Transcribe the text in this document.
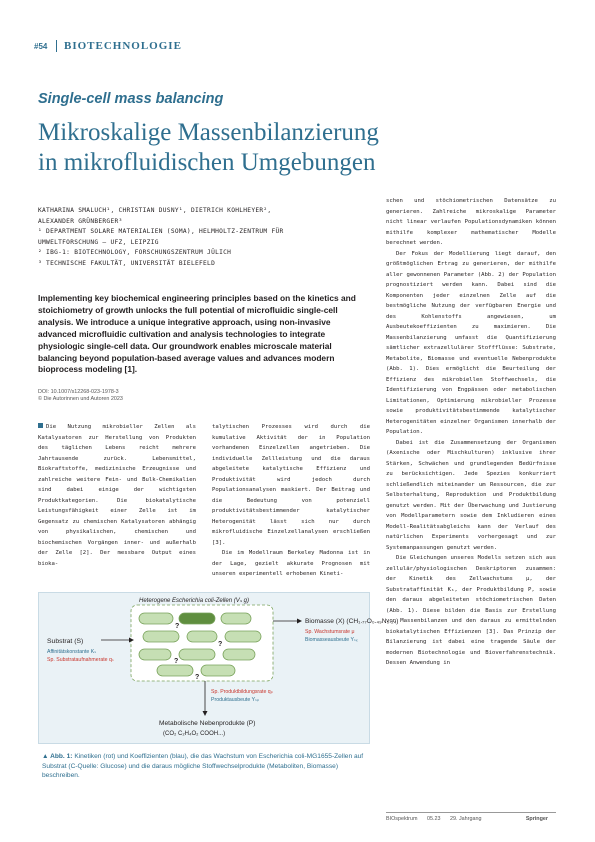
#54 BIOTECHNOLOGIE
Single-cell mass balancing
Mikroskalige Massenbilanzierung
in mikrofluidischen Umgebungen
KATHARINA SMALUCH¹, CHRISTIAN DUSNY¹, DIETRICH KOHLHEYER²,
ALEXANDER GRÜNBERGER³
¹ DEPARTMENT SOLARE MATERIALIEN (SOMA), HELMHOLTZ-ZENTRUM FÜR
UMWELTFORSCHUNG – UFZ, LEIPZIG
² IBG-1: BIOTECHNOLOGY, FORSCHUNGSZENTRUM JÜLICH
³ TECHNISCHE FAKULTÄT, UNIVERSITÄT BIELEFELD
Implementing key biochemical engineering principles based on the kinetics and stoichiometry of growth unlocks the full potential of microfluidic single-cell analysis. We introduce a unique integrative approach, using non-invasive advanced microfluidic cultivation and analysis technologies to integrate physiologic single-cell data. Our groundwork enables microscale material balancing beyond population-based average values and advances modern bioprocess modeling [1].
DOI: 10.1007/s12268-023-1978-3
© Die Autorinnen und Autoren 2023

Die Nutzung mikrobieller Zellen als Katalysatoren zur Herstellung von Produkten des täglichen Lebens reicht mehrere Jahrtausende zurück. Lebensmittel, Biokraftstoffe, medizinische Erzeugnisse und zahlreiche weitere Fein- und Bulk-Chemikalien sind dabei einige der wichtigsten Produktkategorien. Die biokatalytische Leistungsfähigkeit einer Zelle ist im Gegensatz zu chemischen Katalysatoren abhängig von physikalischen, chemischen und biochemischen Vorgängen inner- und außerhalb der Zelle [2]. Der messbare Output eines bioka-

talytischen Prozesses wird durch die kumulative Aktivität der in Population vorhandenen Einzelzellen angetrieben. Die individuelle Zellleistung und die daraus abgeleitete katalytische Effizienz und Produktivität wird jedoch durch Populationsanalysen maskiert. Der Beitrag und die Bedeutung von potenziell produktivitätsbestimmender katalytischer Heterogenität lässt sich nur durch mikrofluidische Einzelzellanalysen erschließen [3].

Die im Modellraum Berkeley Madonna ist in der Lage, gezielt akkurate Prognosen mit unseren experimentell erhobenen Kineti-

schen und stöchiometrischen Datensätze zu generieren. Zahlreiche mikroskalige Parameter nicht linear verlaufen Populationsdynamiken können mithilfe komplexer mathematischer Modelle berechnet werden.

Der Fokus der Modellierung liegt darauf, den größtmöglichen Ertrag zu generieren, der mithilfe aller gewonnenen Parameter (Abb. 2) der Population prognostiziert werden kann. Dabei sind die Komponenten jeder einzelnen Zelle auf die bestmögliche Nutzung der verfügbaren Energie und des Kohlenstoffs angewiesen, um Ausbeutekoeffizienten zu maximieren. Die Massenbilanzierung umfasst die Quantifizierung sämtlicher extrazellulärer Stoffflüsse: Substrate, Metabolite, Biomasse und eventuelle Nebenprodukte (Abb. 1). Dies ermöglicht die Beurteilung der Effizienz des mikrobiellen Stoffwechsels, die Identifizierung von Engpässen oder metabolischen Limitationen, Optimierung mikrobieller Prozesse sowie produktivitätsbestimmende katalytischer Heterogenitäten einzelner Organismen innerhalb der Population.

Dabei ist die Zusammensetzung der Organismen (Axenische oder Mischkulturen) inklusive ihrer Stärken, Schwächen und grundlegenden Bedürfnisse zu berücksichtigen. Jede Spezies konkurriert schließendlich miteinander um Ressourcen, die zur Selbsterhaltung, Reproduktion und Produktbildung genutzt werden. Mit der Überwachung und Justierung von Modellparametern sowie dem Inkludieren eines Modell-Realitätsabgleichs kann der Verlauf des natürlichen Experiments vorhergesagt und zur Systemanpassungen genutzt werden.

Die Gleichungen unseres Modells setzen sich aus zellulär/physiologischen Deskriptoren zusammen: der Kinetik des Zellwachstums μ, der Substrataffinität Kₛ, der Produktbildung P, sowie den daraus abgeleiteten stöchiometrischen Daten (Abb. 1). Diese bilden die Basis zur Erstellung von Massenbilanzen und den daraus zu ermittelnden biokatalytischen Effizienzen [3]. Das Prinzip der Bilanzierung ist dabei eine tragende Säule der modernen Biotechnologie und Bioverfahrenstechnik. Dessen Anwendung in

Heterogene Escherichia coli-Zellen (Vₛ g)
?
?
?
?
Substrat (S)
Affinitätskonstante Kₛ
Sp. Substrataufnahmerate qₛ
Biomasse (X) (CH₁.₇₇O₀.₄₉N₀.₂₄)
Sp. Wachstumsrate μ
Biomasseausbeute Yₛₓ
Sp. Produktbildungsrate qₚ
Produktausbeute Yₛₚ
Metabolische Nebenprodukte (P)
(CO₂ C₂H₄O₂ COOH...)
▲ Abb. 1: Kinetiken (rot) und Koeffizienten (blau), die das Wachstum von Escherichia coli-MG1655-Zellen auf Substrat (C-Quelle: Glucose) und die daraus mögliche Stoffwechselprodukte (Metaboliten, Biomasse) beschreiben.
BIOspektrum 05.23 29. Jahrgang	Springer
